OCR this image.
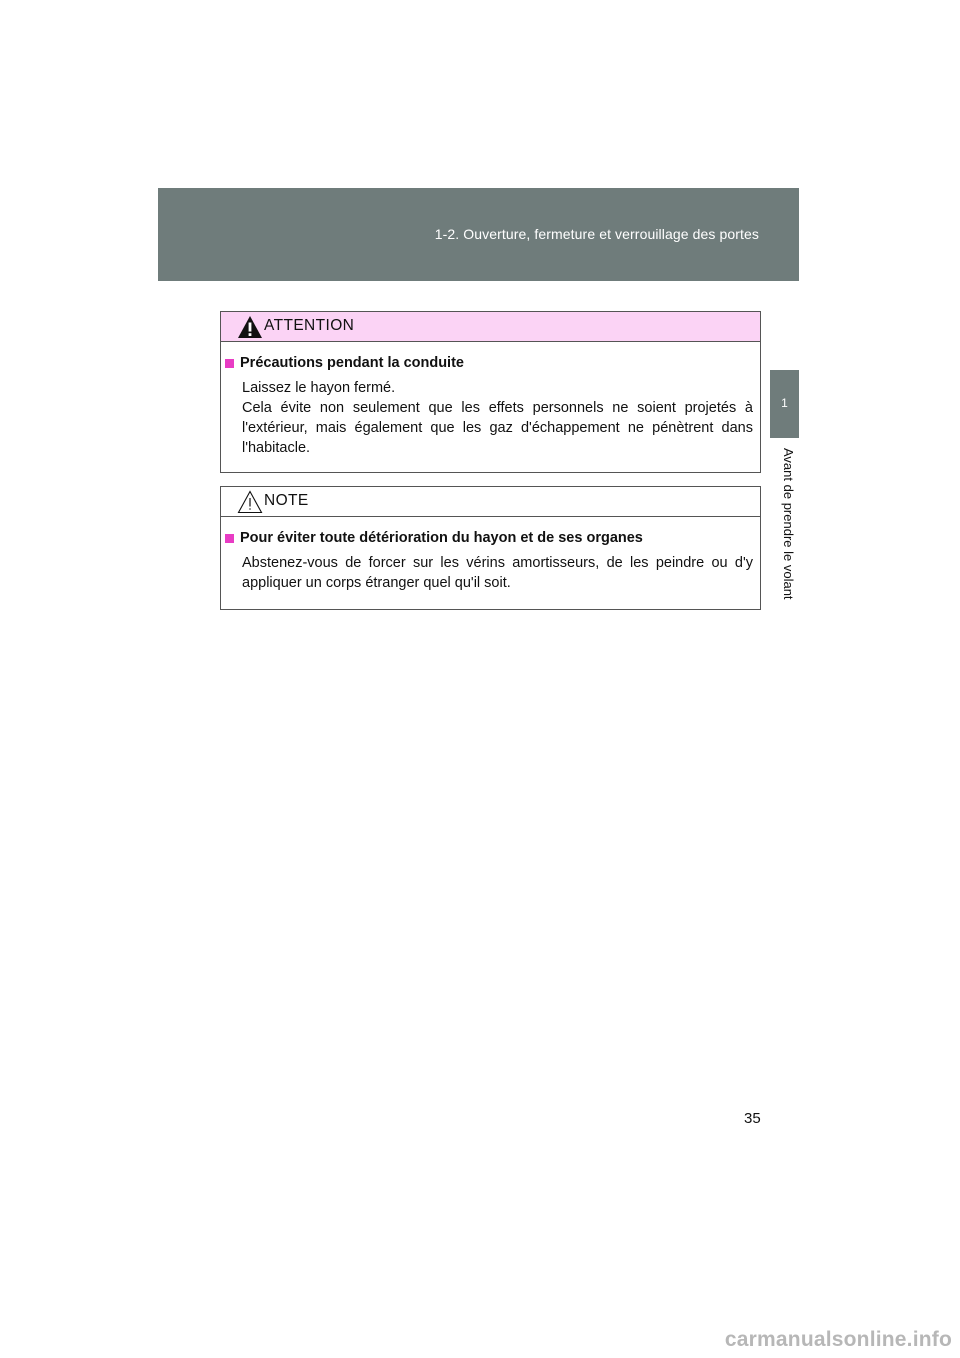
1-2. Ouverture, fermeture et verrouillage des portes
1
Avant de prendre le volant
ATTENTION
Précautions pendant la conduite

Laissez le hayon fermé.

Cela évite non seulement que les effets personnels ne soient projetés à l'extérieur, mais également que les gaz d'échappement ne pénètrent dans l'habitacle.

NOTE
Pour éviter toute détérioration du hayon et de ses organes

Abstenez-vous de forcer sur les vérins amortisseurs, de les peindre ou d'y appliquer un corps étranger quel qu'il soit.

35
carmanualsonline.info
